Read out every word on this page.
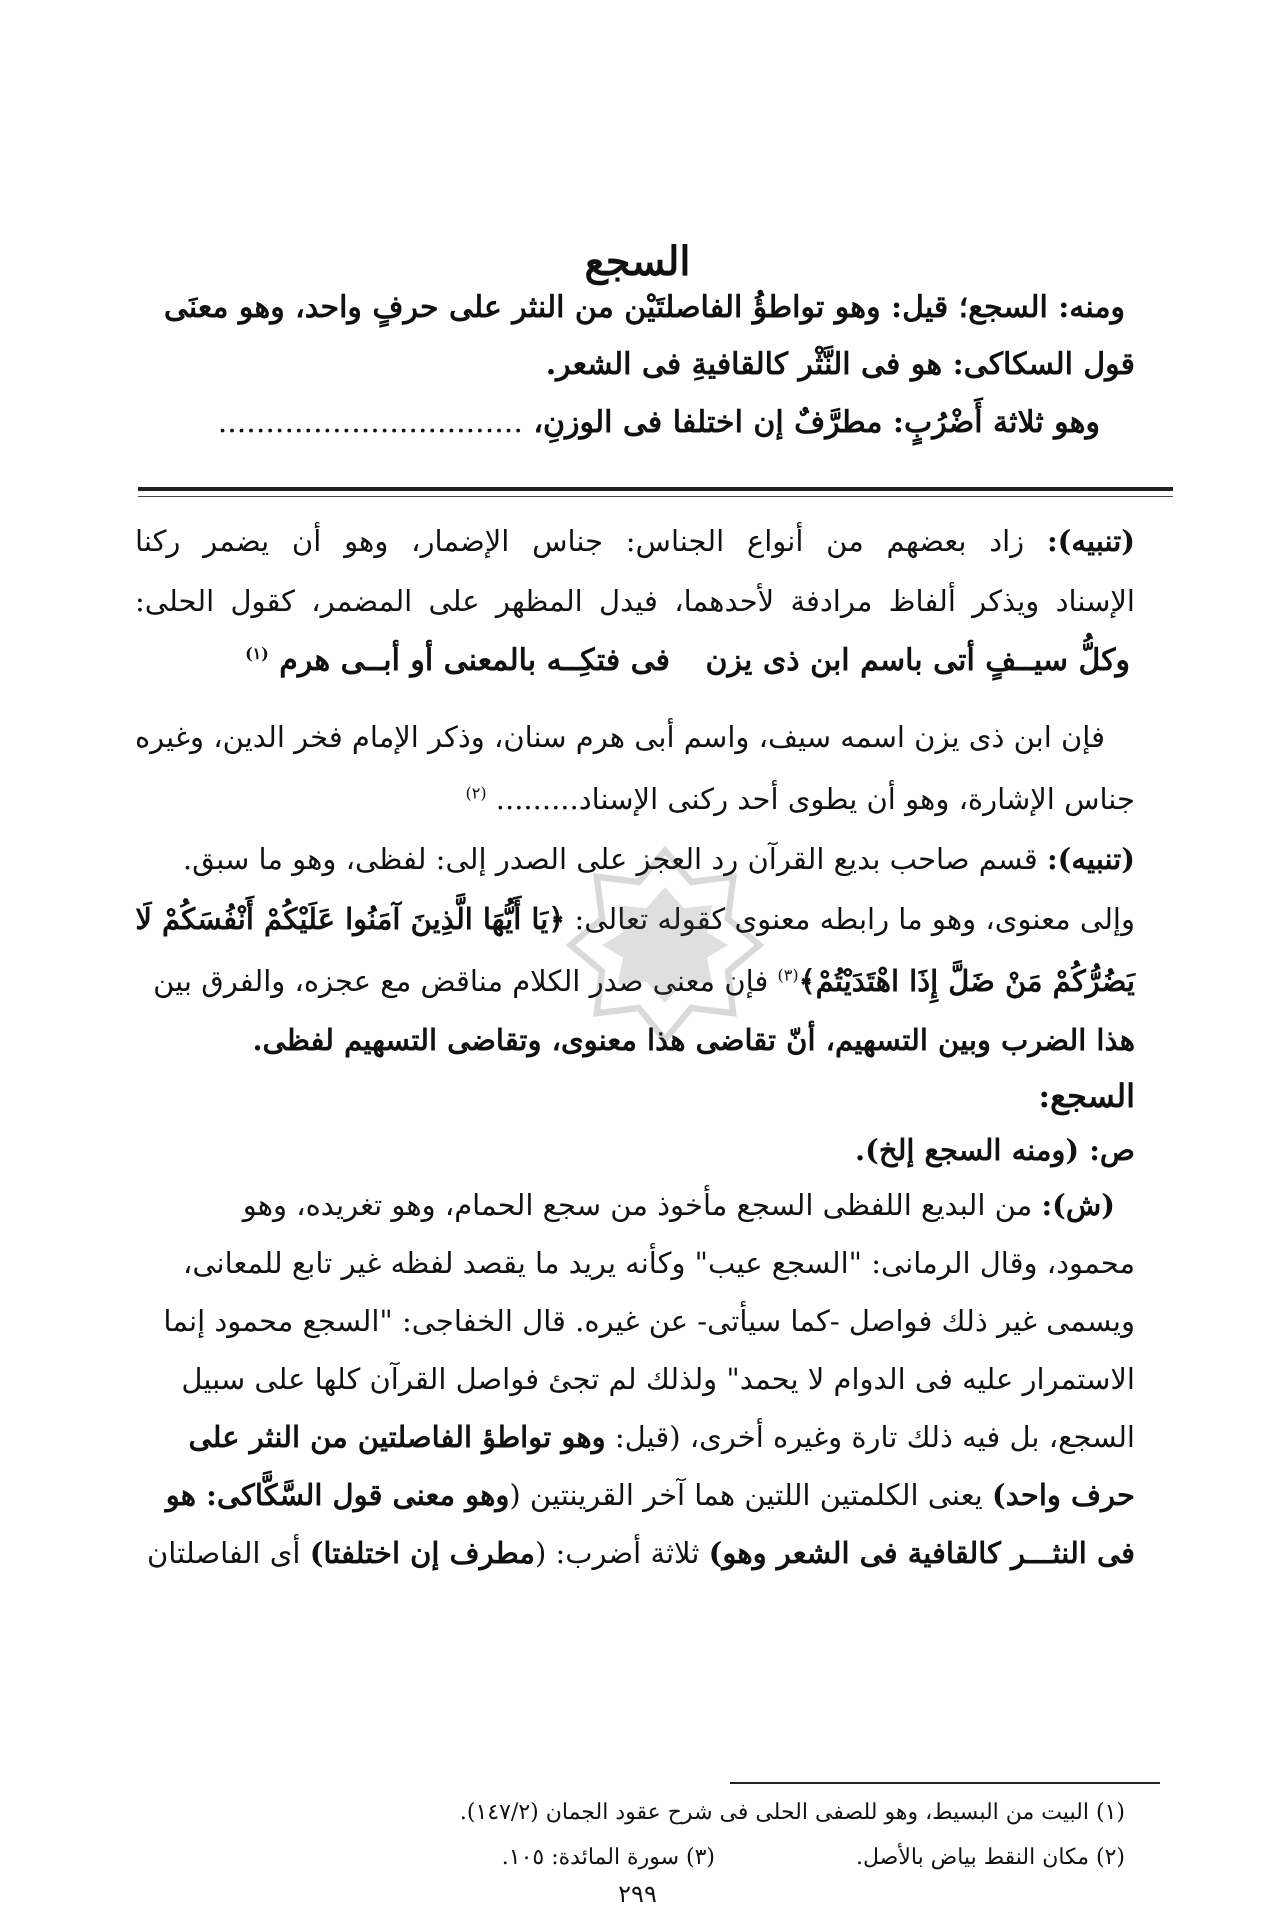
السجع
ومنه: السجع؛ قيل: وهو تواطؤُ الفاصلتَيْن من النثر على حرفٍ واحد، وهو معنَى
قول السكاكى: هو فى النَّثْر كالقافيةِ فى الشعر.
وهو ثلاثة أَضْرُبٍ: مطرَّفٌ إن اختلفا فى الوزنِ، ................................
(تنبيه): زاد بعضهم من أنواع الجناس: جناس الإضمار، وهو أن يضمر ركنا
الإسناد ويذكر ألفاظ مرادفة لأحدهما، فيدل المظهر على المضمر، كقول الحلى:
وكلُّ سيــفٍ أتى باسم ابن ذى يزن
فى فتكِــه بالمعنى أو أبــى هرم $^{(١)}$
فإن ابن ذى يزن اسمه سيف، واسم أبى هرم سنان، وذكر الإمام فخر الدين، وغيره
جناس الإشارة، وهو أن يطوى أحد ركنى الإسناد......... $^{(٢)}$
(تنبيه): قسم صاحب بديع القرآن رد العجز على الصدر إلى: لفظى، وهو ما سبق.
وإلى معنوى، وهو ما رابطه معنوى كقوله تعالى: ﴿يَا أَيُّهَا الَّذِينَ آمَنُوا عَلَيْكُمْ أَنْفُسَكُمْ لَا
يَضُرُّكُمْ مَنْ ضَلَّ إِذَا اهْتَدَيْتُمْ﴾$^{(٣)}$ فإن معنى صدر الكلام مناقض مع عجزه، والفرق بين
هذا الضرب وبين التسهيم، أنّ تقاضى هذا معنوى، وتقاضى التسهيم لفظى.
السجع:
ص: (ومنه السجع إلخ).
(ش): من البديع اللفظى السجع مأخوذ من سجع الحمام، وهو تغريده، وهو
محمود، وقال الرمانى: "السجع عيب" وكأنه يريد ما يقصد لفظه غير تابع للمعانى،
ويسمى غير ذلك فواصل -كما سيأتى- عن غيره. قال الخفاجى: "السجع محمود إنما
الاستمرار عليه فى الدوام لا يحمد" ولذلك لم تجئ فواصل القرآن كلها على سبيل
السجع، بل فيه ذلك تارة وغيره أخرى، (قيل: وهو تواطؤ الفاصلتين من النثر على
حرف واحد) يعنى الكلمتين اللتين هما آخر القرينتين (وهو معنى قول السَّكَّاكى: هو
فى النثـــر كالقافية فى الشعر وهو) ثلاثة أضرب: (مطرف إن اختلفتا) أى الفاصلتان
(١) البيت من البسيط، وهو للصفى الحلى فى شرح عقود الجمان (١٤٧/٢).
(٢) مكان النقط بياض بالأصل.
(٣) سورة المائدة: ١٠٥.
٢٩٩
